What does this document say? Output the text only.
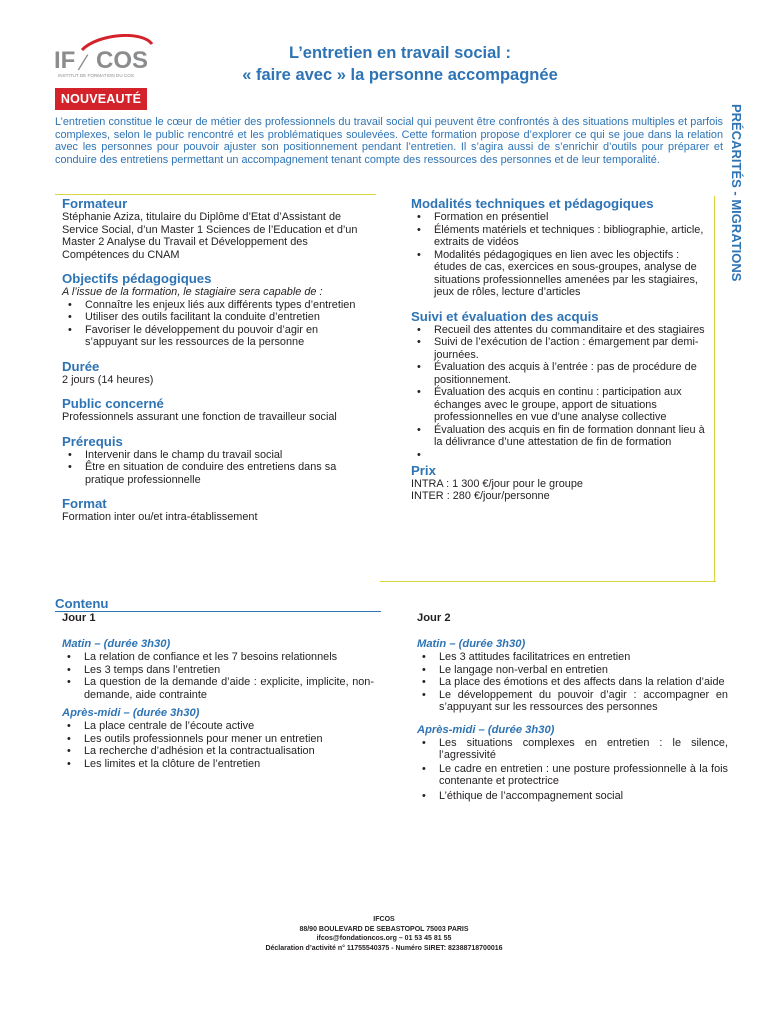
IF ⁄ COS
INSTITUT DE FORMATION DU COS
NOUVEAUTÉ
L’entretien en travail social :
« faire avec » la personne accompagnée
L’entretien constitue le cœur de métier des professionnels du travail social qui peuvent être confrontés à des situations multiples et parfois complexes, selon le public rencontré et les problématiques soulevées. Cette formation propose d’explorer ce qui se joue dans la relation avec les personnes pour pouvoir ajuster son positionnement pendant l’entretien. Il s’agira aussi de s’enrichir d’outils pour préparer et conduire des entretiens permettant un accompagnement tenant compte des ressources des personnes et de leur temporalité.	PRÉCARITÉS - MIGRATIONS
Formateur

Stéphanie Aziza, titulaire du Diplôme d’Etat d’Assistant de Service Social, d’un Master 1 Sciences de l’Education et d’un Master 2 Analyse du Travail et Développement des Compétences du CNAM

Objectifs pédagogiques

A l’issue de la formation, le stagiaire sera capable de :

• Connaître les enjeux liés aux différents types d’entretien
• Utiliser des outils facilitant la conduite d’entretien
• Favoriser le développement du pouvoir d’agir en s’appuyant sur les ressources de la personne
Durée

2 jours (14 heures)

Public concerné

Professionnels assurant une fonction de travailleur social

Prérequis
• Intervenir dans le champ du travail social
• Être en situation de conduire des entretiens dans sa pratique professionnelle
Format

Formation inter ou/et intra-établissement

Modalités techniques et pédagogiques
• Formation en présentiel
• Éléments matériels et techniques : bibliographie, article, extraits de vidéos
• Modalités pédagogiques en lien avec les objectifs : études de cas, exercices en sous-groupes, analyse de situations professionnelles amenées par les stagiaires, jeux de rôles, lecture d’articles
Suivi et évaluation des acquis
• Recueil des attentes du commanditaire et des stagiaires
• Suivi de l’exécution de l’action : émargement par demi-journées.
• Évaluation des acquis à l’entrée : pas de procédure de positionnement.
• Évaluation des acquis en continu : participation aux échanges avec le groupe, apport de situations professionnelles en vue d’une analyse collective
• Évaluation des acquis en fin de formation donnant lieu à la délivrance d’une attestation de fin de formation
•
Prix

INTRA : 1 300 €/jour pour le groupe

INTER : 280 €/jour/personne

Contenu
Jour 1

Matin – (durée 3h30)

• La relation de confiance et les 7 besoins relationnels
• Les 3 temps dans l’entretien
• La question de la demande d’aide : explicite, implicite, non-demande, aide contrainte

Après-midi – (durée 3h30)

• La place centrale de l’écoute active
• Les outils professionnels pour mener un entretien
• La recherche d’adhésion et la contractualisation
• Les limites et la clôture de l’entretien
Jour 2

Matin – (durée 3h30)

• Les 3 attitudes facilitatrices en entretien
• Le langage non-verbal en entretien
• La place des émotions et des affects dans la relation d’aide
• Le développement du pouvoir d’agir : accompagner en s’appuyant sur les ressources des personnes

Après-midi – (durée 3h30)

• Les situations complexes en entretien : le silence, l’agressivité
• Le cadre en entretien : une posture professionnelle à la fois contenante et protectrice
• L’éthique de l’accompagnement social
IFCOS
88/90 BOULEVARD DE SEBASTOPOL 75003 PARIS
ifcos@fondationcos.org – 01 53 45 81 55
Déclaration d’activité n° 11755540375 - Numéro SIRET: 82388718700016
